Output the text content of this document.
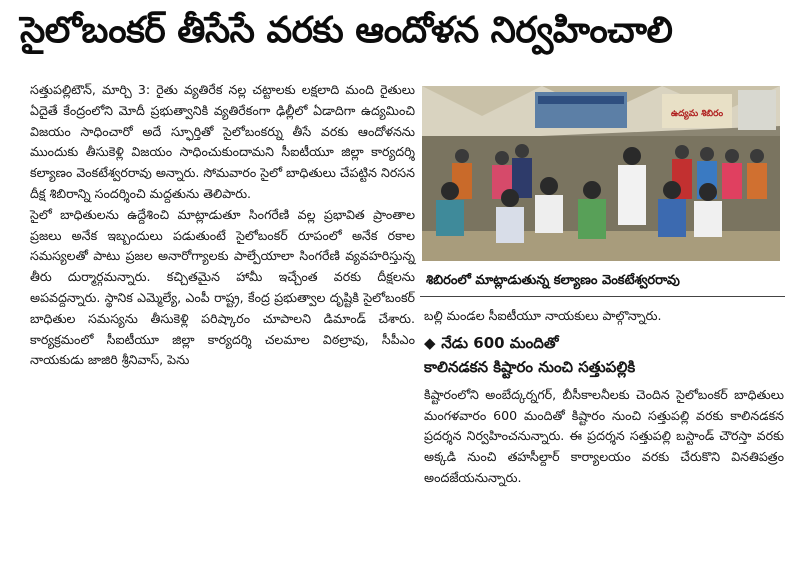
సైలోబంకర్ తీసేసే వరకు ఆందోళన నిర్వహించాలి

సత్తుపల్లిటౌన్, మార్చి 3: రైతు వ్యతిరేక నల్ల చట్టాలకు లక్షలాది మంది రైతులు ఏదైతే కేంద్రంలోని మోదీ ప్రభుత్వానికి వ్యతిరేకంగా ఢిల్లీలో ఏడాదిగా ఉద్యమించి విజయం సాధించారో అదే స్ఫూర్తితో సైలోబంకర్ను తీసే వరకు ఆందోళనను ముందుకు తీసుకెళ్లి విజయం సాధించుకుందామని సీఐటీయూ జిల్లా కార్యదర్శి కల్యాణం వెంకటేశ్వరరావు అన్నారు. సోమవారం సైలో బాధితులు చేపట్టిన నిరసన దీక్ష శిబిరాన్ని సందర్శించి మద్దతును తెలిపారు.

సైలో బాధితులను ఉద్దేశించి మాట్లాడుతూ సింగరేణి వల్ల ప్రభావిత ప్రాంతాల ప్రజలు అనేక ఇబ్బందులు పడుతుంటే సైలోబంకర్ రూపంలో అనేక రకాల సమస్యలతో పాటు ప్రజల అనారోగ్యాలకు పాల్పేయాలా సింగరేణి వ్యవహరిస్తున్న తీరు దుర్మార్గమన్నారు. కచ్చితమైన హామీ ఇచ్చేంత వరకు దీక్షలను అపవద్దన్నారు. స్థానిక ఎమ్మెల్యే, ఎంపీ రాష్ట్ర, కేంద్ర ప్రభుత్వాల దృష్టికి సైలోబంకర్ బాధితుల సమస్యను తీసుకెళ్లి పరిష్కారం చూపాలని డిమాండ్ చేశారు. కార్యక్రమంలో సీఐటీయూ జిల్లా కార్యదర్శి చలమాల విఠల్రావు, సీపీఎం నాయకుడు జాజిరి శ్రీనివాస్, పెను

ఉద్యమ శిబిరం
శిబిరంలో మాట్లాడుతున్న కల్యాణం వెంకటేశ్వరరావు

బల్లి మండల సీఐటీయూ నాయకులు పాల్గొన్నారు.

◆ నేడు 600 మందితో
కాలినడకన కిష్టారం నుంచి సత్తుపల్లికి

కిష్టారంలోని అంబేద్కర్నగర్, బీసీకాలనీలకు చెందిన సైలోబంకర్ బాధితులు మంగళవారం 600 మందితో కిష్టారం నుంచి సత్తుపల్లి వరకు కాలినడకన ప్రదర్శన నిర్వహించనున్నారు. ఈ ప్రదర్శన సత్తుపల్లి బస్టాండ్ చౌరస్తా వరకు అక్కడి నుంచి తహసీల్దార్ కార్యాలయం వరకు చేరుకొని వినతిపత్రం అందజేయనున్నారు.
